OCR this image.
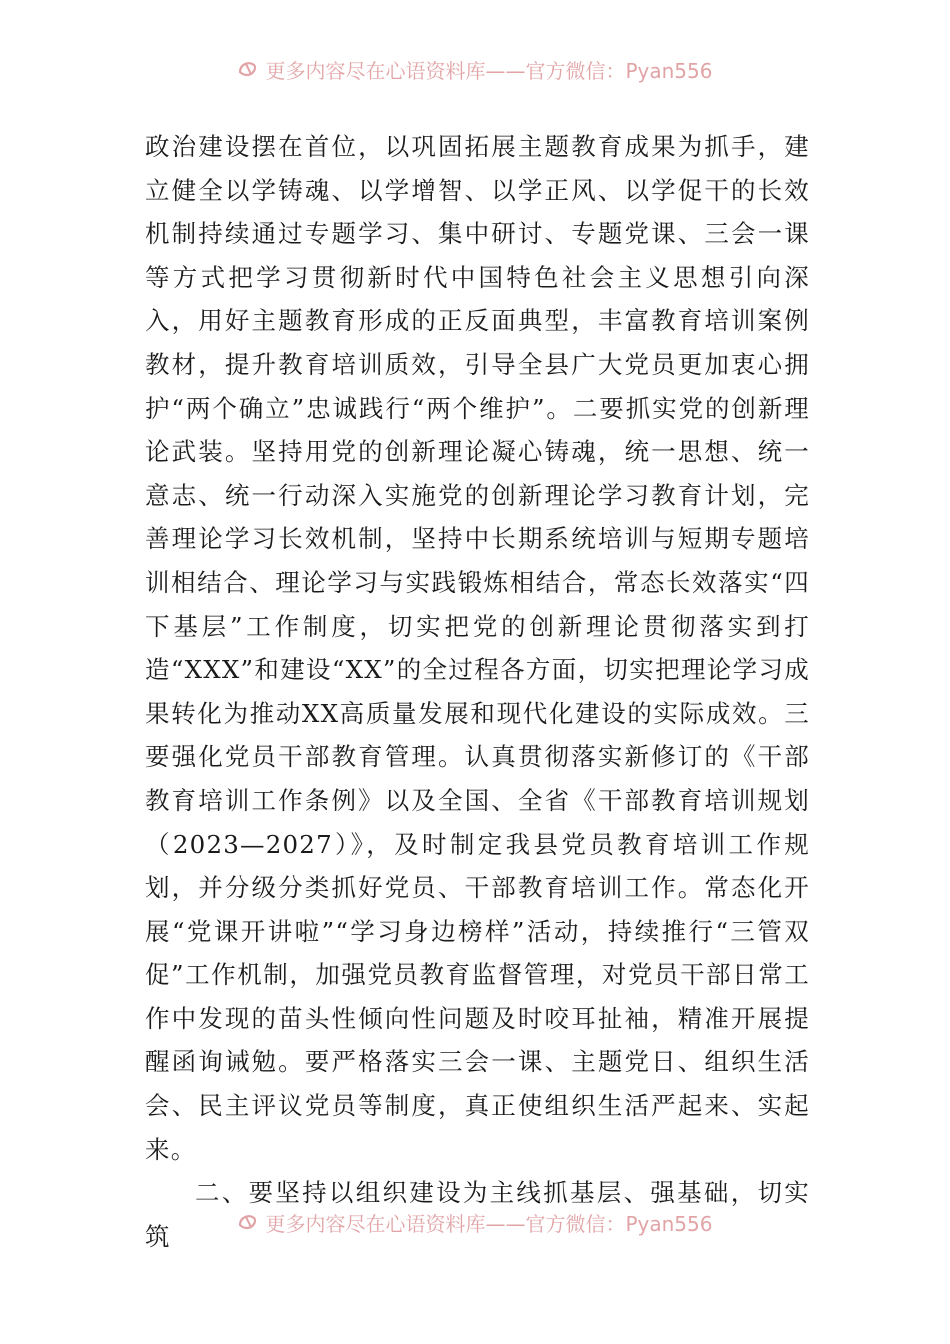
更多内容尽在心语资料库——官方微信：Pyan556

政治建设摆在首位，以巩固拓展主题教育成果为抓手，建立健全以学铸魂、以学增智、以学正风、以学促干的长效机制持续通过专题学习、集中研讨、专题党课、三会一课等方式把学习贯彻新时代中国特色社会主义思想引向深入，用好主题教育形成的正反面典型，丰富教育培训案例教材，提升教育培训质效，引导全县广大党员更加衷心拥护“两个确立”忠诚践行“两个维护”。二要抓实党的创新理论武装。坚持用党的创新理论凝心铸魂，统一思想、统一意志、统一行动深入实施党的创新理论学习教育计划，完善理论学习长效机制，坚持中长期系统培训与短期专题培训相结合、理论学习与实践锻炼相结合，常态长效落实“四下基层”工作制度，切实把党的创新理论贯彻落实到打造“XXX”和建设“XX”的全过程各方面，切实把理论学习成果转化为推动XX高质量发展和现代化建设的实际成效。三要强化党员干部教育管理。认真贯彻落实新修订的《干部教育培训工作条例》以及全国、全省《干部教育培训规划（2023—2027）》，及时制定我县党员教育培训工作规划，并分级分类抓好党员、干部教育培训工作。常态化开展“党课开讲啦”“学习身边榜样”活动，持续推行“三管双促”工作机制，加强党员教育监督管理，对党员干部日常工作中发现的苗头性倾向性问题及时咬耳扯袖，精准开展提醒函询诫勉。要严格落实三会一课、主题党日、组织生活会、民主评议党员等制度，真正使组织生活严起来、实起来。

二、要坚持以组织建设为主线抓基层、强基础，切实筑	更多内容尽在心语资料库——官方微信：Pyan556
